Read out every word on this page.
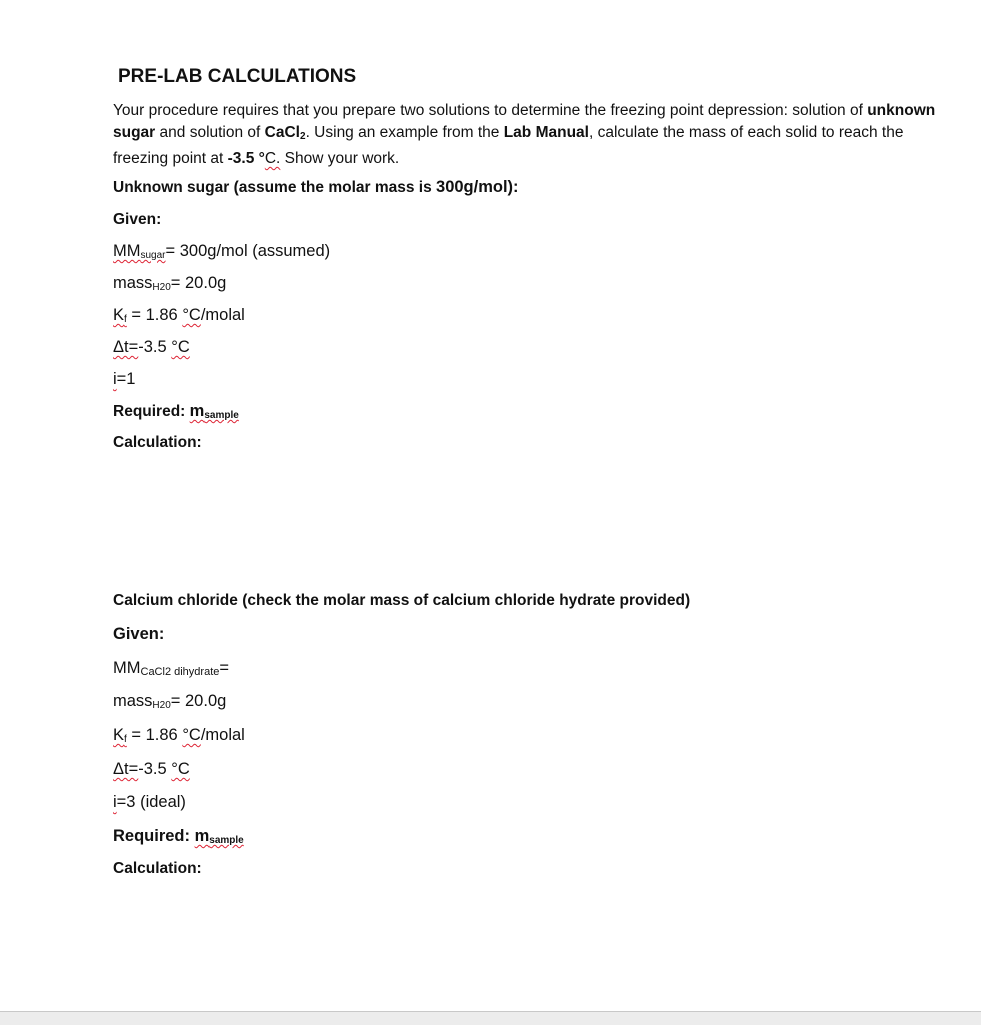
PRE-LAB CALCULATIONS
Your procedure requires that you prepare two solutions to determine the freezing point depression: solution of unknown sugar and solution of CaCl$_2$. Using an example from the Lab Manual, calculate the mass of each solid to reach the freezing point at -3.5 °C. Show your work.
Unknown sugar (assume the molar mass is 300g/mol):
Given:
$MM_{sugar}= 300g/mol$ (assumed)
mass$_{H20}$= 20.0g
$K_f = 1.86$ °C/molal
Δt=-3.5 °C
i=1
Required: $m_{sample}$
Calculation:
Calcium chloride (check the molar mass of calcium chloride hydrate provided)
Given:
$MM_{CaCl2 dihydrate}=$
mass$_{H20}$= 20.0g
$K_f = 1.86$ °C/molal
Δt=-3.5 °C
i=3 (ideal)
Required: $m_{sample}$
Calculation:
